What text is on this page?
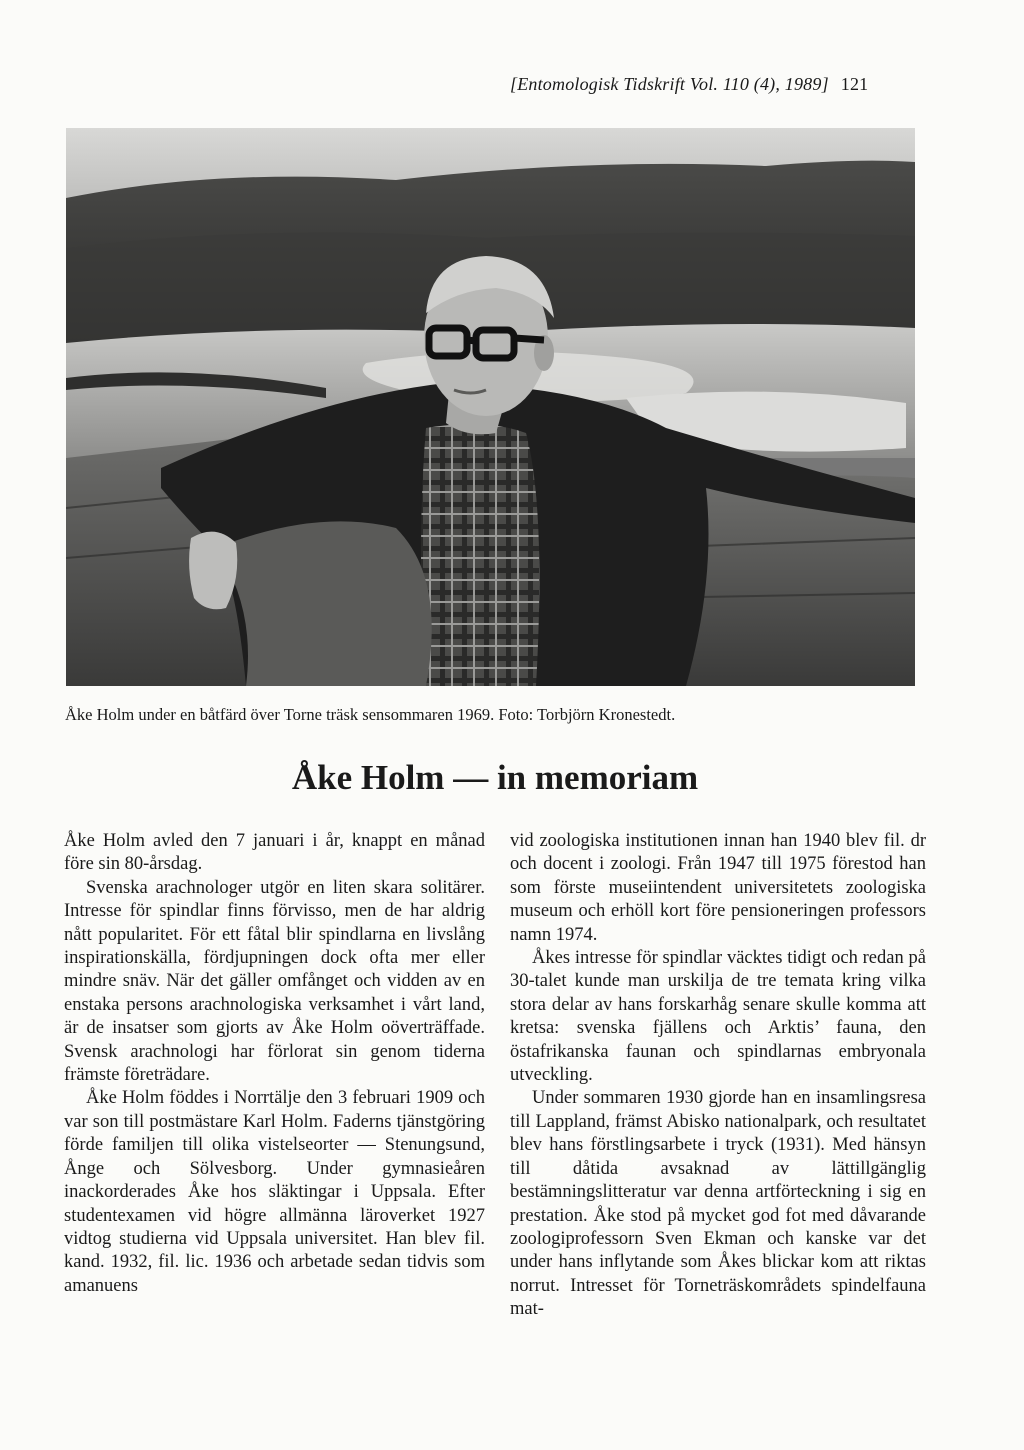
[Entomologisk Tidskrift Vol. 110 (4), 1989] 121
Åke Holm under en båtfärd över Torne träsk sensommaren 1969. Foto: Torbjörn Kronestedt.
Åke Holm — in memoriam

Åke Holm avled den 7 januari i år, knappt en månad före sin 80-årsdag.

Svenska arachnologer utgör en liten skara solitärer. Intresse för spindlar finns förvisso, men de har aldrig nått popularitet. För ett fåtal blir spindlarna en livslång inspirationskälla, fördjupningen dock ofta mer eller mindre snäv. När det gäller omfånget och vidden av en enstaka persons arachnologiska verksamhet i vårt land, är de insatser som gjorts av Åke Holm oöverträffade. Svensk arachnologi har förlorat sin genom tiderna främste företrädare.

Åke Holm föddes i Norrtälje den 3 februari 1909 och var son till postmästare Karl Holm. Faderns tjänstgöring förde familjen till olika vistelseorter — Stenungsund, Ånge och Sölvesborg. Under gymnasieåren inackorderades Åke hos släktingar i Uppsala. Efter studentexamen vid högre allmänna läroverket 1927 vidtog studierna vid Uppsala universitet. Han blev fil. kand. 1932, fil. lic. 1936 och arbetade sedan tidvis som amanuens

vid zoologiska institutionen innan han 1940 blev fil. dr och docent i zoologi. Från 1947 till 1975 förestod han som förste museiintendent universitetets zoologiska museum och erhöll kort före pensioneringen professors namn 1974.

Åkes intresse för spindlar väcktes tidigt och redan på 30-talet kunde man urskilja de tre temata kring vilka stora delar av hans forskarhåg senare skulle komma att kretsa: svenska fjällens och Arktis’ fauna, den östafrikanska faunan och spindlarnas embryonala utveckling.

Under sommaren 1930 gjorde han en insamlingsresa till Lappland, främst Abisko nationalpark, och resultatet blev hans förstlingsarbete i tryck (1931). Med hänsyn till dåtida avsaknad av lättillgänglig bestämningslitteratur var denna artförteckning i sig en prestation. Åke stod på mycket god fot med dåvarande zoologiprofessorn Sven Ekman och kanske var det under hans inflytande som Åkes blickar kom att riktas norrut. Intresset för Torneträskområdets spindelfauna mat-
